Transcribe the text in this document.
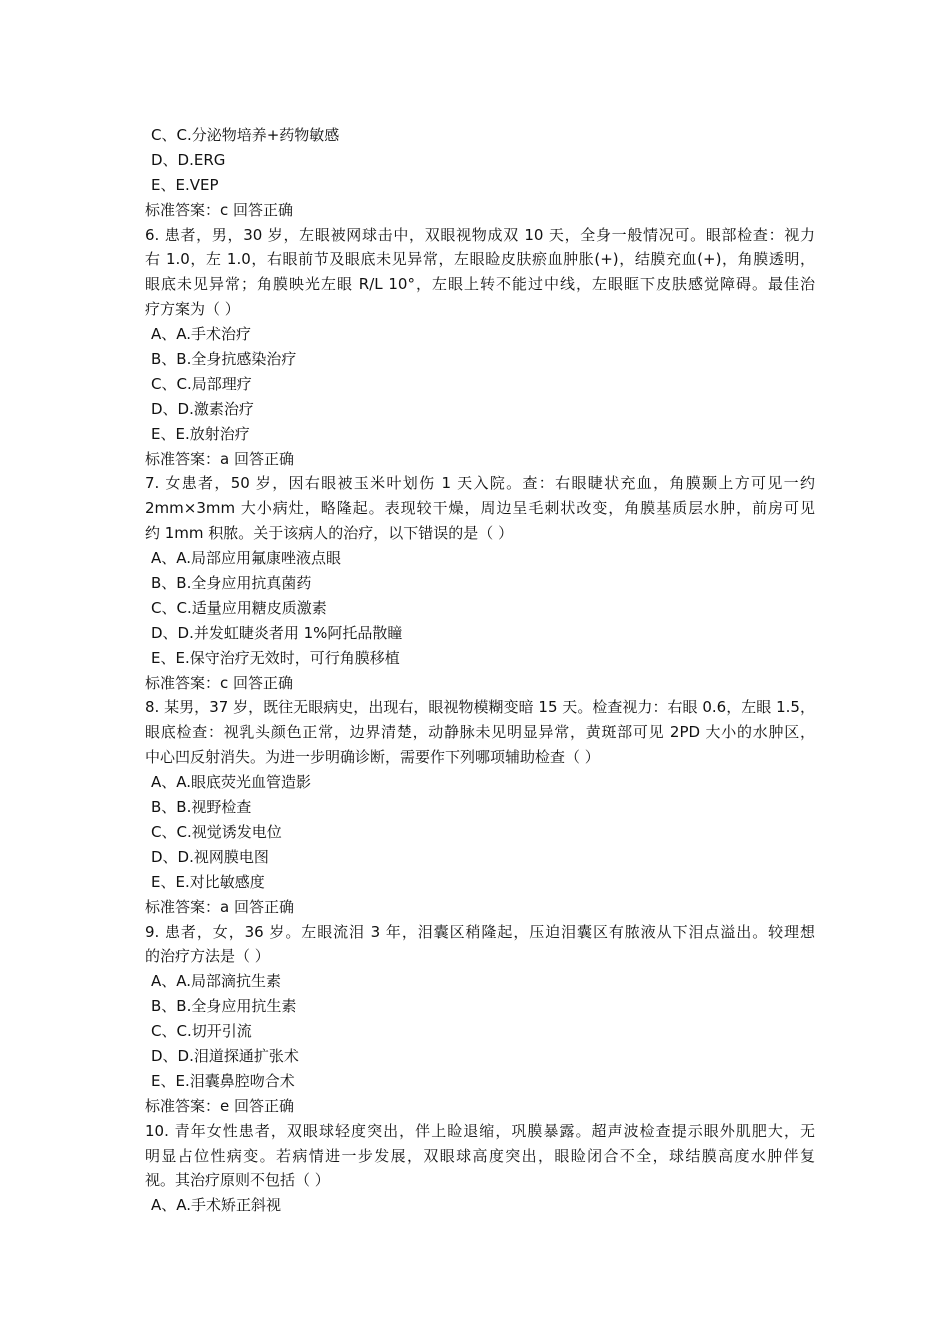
C、C.分泌物培养+药物敏感
D、D.ERG
E、E.VEP
标准答案：c 回答正确
6. 患者，男，30 岁，左眼被网球击中，双眼视物成双 10 天，全身一般情况可。眼部检查：视力
右 1.0，左 1.0，右眼前节及眼底未见异常，左眼睑皮肤瘀血肿胀(+)，结膜充血(+)，角膜透明，
眼底未见异常；角膜映光左眼 R/L 10°，左眼上转不能过中线，左眼眶下皮肤感觉障碍。最佳治
疗方案为（ ）
A、A.手术治疗
B、B.全身抗感染治疗
C、C.局部理疗
D、D.激素治疗
E、E.放射治疗
标准答案：a 回答正确
7. 女患者，50 岁，因右眼被玉米叶划伤 1 天入院。查：右眼睫状充血，角膜颞上方可见一约
2mm×3mm 大小病灶，略隆起。表现较干燥，周边呈毛刺状改变，角膜基质层水肿，前房可见
约 1mm 积脓。关于该病人的治疗，以下错误的是（ ）
A、A.局部应用氟康唑液点眼
B、B.全身应用抗真菌药
C、C.适量应用糖皮质激素
D、D.并发虹睫炎者用 1%阿托品散瞳
E、E.保守治疗无效时，可行角膜移植
标准答案：c 回答正确
8. 某男，37 岁，既往无眼病史，出现右，眼视物模糊变暗 15 天。检查视力：右眼 0.6，左眼 1.5，
眼底检查：视乳头颜色正常，边界清楚，动静脉未见明显异常，黄斑部可见 2PD 大小的水肿区，
中心凹反射消失。为进一步明确诊断，需要作下列哪项辅助检查（ ）
A、A.眼底荧光血管造影
B、B.视野检查
C、C.视觉诱发电位
D、D.视网膜电图
E、E.对比敏感度
标准答案：a 回答正确
9. 患者，女，36 岁。左眼流泪 3 年，泪囊区稍隆起，压迫泪囊区有脓液从下泪点溢出。较理想
的治疗方法是（ ）
A、A.局部滴抗生素
B、B.全身应用抗生素
C、C.切开引流
D、D.泪道探通扩张术
E、E.泪囊鼻腔吻合术
标准答案：e 回答正确
10. 青年女性患者，双眼球轻度突出，伴上睑退缩，巩膜暴露。超声波检查提示眼外肌肥大，无
明显占位性病变。若病情进一步发展，双眼球高度突出，眼睑闭合不全，球结膜高度水肿伴复
视。其治疗原则不包括（ ）
A、A.手术矫正斜视
